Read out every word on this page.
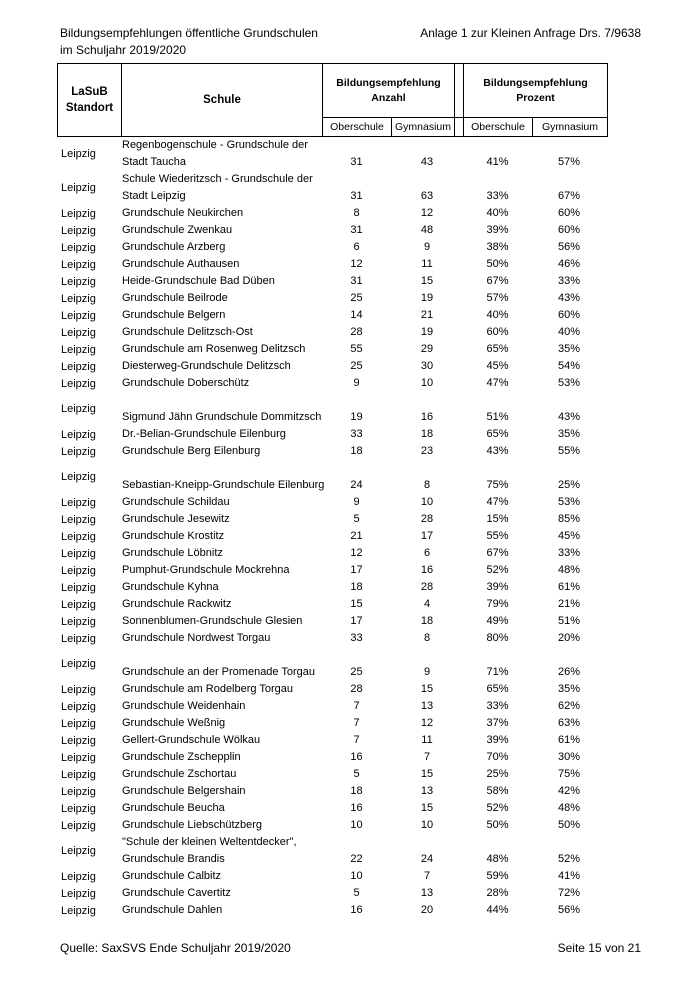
Bildungsempfehlungen öffentliche Grundschulen
im Schuljahr 2019/2020
Anlage 1 zur Kleinen Anfrage Drs. 7/9638
LaSuB
Standort
Schule
Bildungsempfehlung
Anzahl
Bildungsempfehlung
Prozent
Oberschule	Gymnasium	Oberschule	Gymnasium
Leipzig
Regenbogenschule - Grundschule der
Stadt Taucha	31	43	41%	57%
Leipzig
Schule Wiederitzsch - Grundschule der
Stadt Leipzig	31	63	33%	67%
Leipzig	Grundschule Neukirchen	8	12	40%	60%
Leipzig	Grundschule Zwenkau	31	48	39%	60%
Leipzig	Grundschule Arzberg	6	9	38%	56%
Leipzig	Grundschule Authausen	12	11	50%	46%
Leipzig	Heide-Grundschule Bad Düben	31	15	67%	33%
Leipzig	Grundschule Beilrode	25	19	57%	43%
Leipzig	Grundschule Belgern	14	21	40%	60%
Leipzig	Grundschule Delitzsch-Ost	28	19	60%	40%
Leipzig	Grundschule am Rosenweg Delitzsch	55	29	65%	35%
Leipzig	Diesterweg-Grundschule Delitzsch	25	30	45%	54%
Leipzig	Grundschule Doberschütz	9	10	47%	53%
Leipzig
Sigmund Jähn Grundschule Dommitzsch	19	16	51%	43%
Leipzig	Dr.-Belian-Grundschule Eilenburg	33	18	65%	35%
Leipzig	Grundschule Berg Eilenburg	18	23	43%	55%
Leipzig
Sebastian-Kneipp-Grundschule Eilenburg	24	8	75%	25%
Leipzig	Grundschule Schildau	9	10	47%	53%
Leipzig	Grundschule Jesewitz	5	28	15%	85%
Leipzig	Grundschule Krostitz	21	17	55%	45%
Leipzig	Grundschule Löbnitz	12	6	67%	33%
Leipzig	Pumphut-Grundschule Mockrehna	17	16	52%	48%
Leipzig	Grundschule Kyhna	18	28	39%	61%
Leipzig	Grundschule Rackwitz	15	4	79%	21%
Leipzig	Sonnenblumen-Grundschule Glesien	17	18	49%	51%
Leipzig	Grundschule Nordwest Torgau	33	8	80%	20%
Leipzig
Grundschule an der Promenade Torgau	25	9	71%	26%
Leipzig	Grundschule am Rodelberg Torgau	28	15	65%	35%
Leipzig	Grundschule Weidenhain	7	13	33%	62%
Leipzig	Grundschule Weßnig	7	12	37%	63%
Leipzig	Gellert-Grundschule Wölkau	7	11	39%	61%
Leipzig	Grundschule Zschepplin	16	7	70%	30%
Leipzig	Grundschule Zschortau	5	15	25%	75%
Leipzig	Grundschule Belgershain	18	13	58%	42%
Leipzig	Grundschule Beucha	16	15	52%	48%
Leipzig	Grundschule Liebschützberg	10	10	50%	50%
Leipzig
"Schule der kleinen Weltentdecker",
Grundschule Brandis	22	24	48%	52%
Leipzig	Grundschule Calbitz	10	7	59%	41%
Leipzig	Grundschule Cavertitz	5	13	28%	72%
Leipzig	Grundschule Dahlen	16	20	44%	56%
Quelle: SaxSVS Ende Schuljahr 2019/2020	Seite 15 von 21
